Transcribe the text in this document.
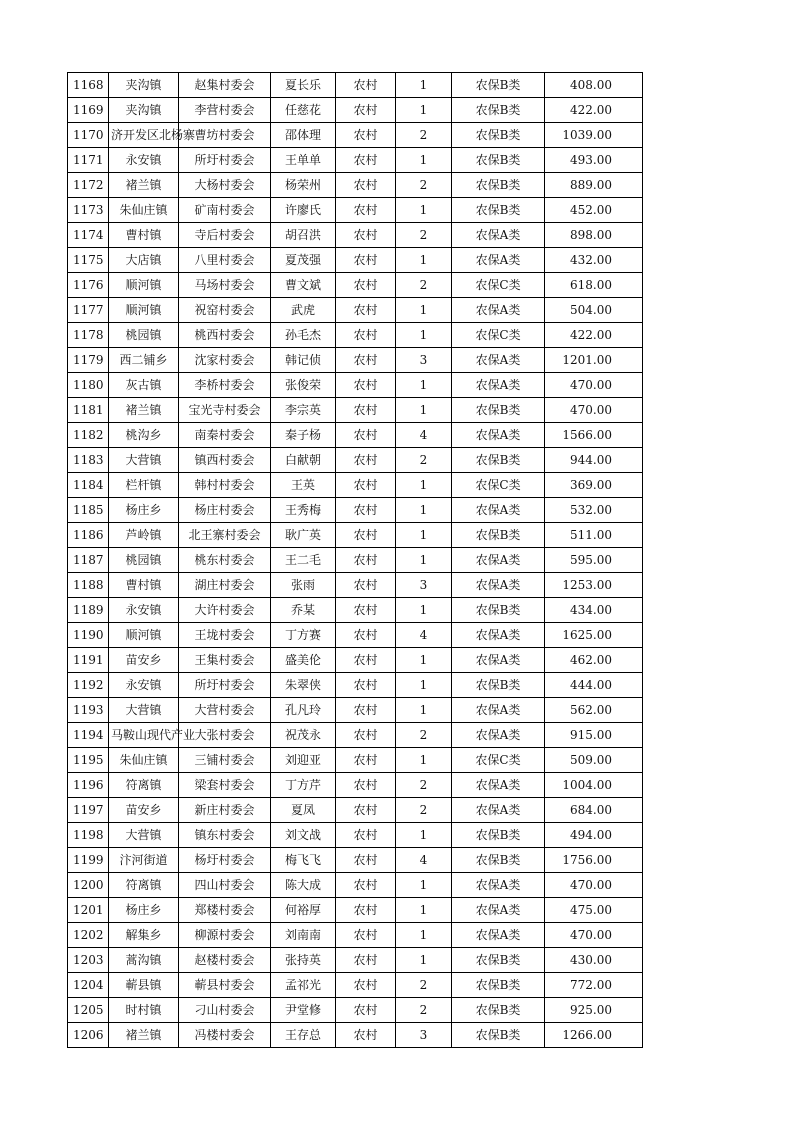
1168	夹沟镇	赵集村委会	夏长乐	农村	1	农保B类	408.00
1169	夹沟镇	李营村委会	任慈花	农村	1	农保B类	422.00
1170	济开发区北杨寨	曹坊村委会	邵体理	农村	2	农保B类	1039.00
1171	永安镇	所圩村委会	王单单	农村	1	农保B类	493.00
1172	褚兰镇	大杨村委会	杨荣州	农村	2	农保B类	889.00
1173	朱仙庄镇	矿南村委会	许廖氏	农村	1	农保B类	452.00
1174	曹村镇	寺后村委会	胡召洪	农村	2	农保A类	898.00
1175	大店镇	八里村委会	夏茂强	农村	1	农保A类	432.00
1176	顺河镇	马场村委会	曹文斌	农村	2	农保C类	618.00
1177	顺河镇	祝窑村委会	武虎	农村	1	农保A类	504.00
1178	桃园镇	桃西村委会	孙毛杰	农村	1	农保C类	422.00
1179	西二铺乡	沈家村委会	韩记侦	农村	3	农保A类	1201.00
1180	灰古镇	李桥村委会	张俊荣	农村	1	农保A类	470.00
1181	褚兰镇	宝光寺村委会	李宗英	农村	1	农保B类	470.00
1182	桃沟乡	南秦村委会	秦子杨	农村	4	农保A类	1566.00
1183	大营镇	镇西村委会	白献朝	农村	2	农保B类	944.00
1184	栏杆镇	韩村村委会	王英	农村	1	农保C类	369.00
1185	杨庄乡	杨庄村委会	王秀梅	农村	1	农保A类	532.00
1186	芦岭镇	北王寨村委会	耿广英	农村	1	农保B类	511.00
1187	桃园镇	桃东村委会	王二毛	农村	1	农保A类	595.00
1188	曹村镇	湖庄村委会	张雨	农村	3	农保A类	1253.00
1189	永安镇	大许村委会	乔某	农村	1	农保B类	434.00
1190	顺河镇	王垅村委会	丁方赛	农村	4	农保A类	1625.00
1191	苗安乡	王集村委会	盛美伦	农村	1	农保A类	462.00
1192	永安镇	所圩村委会	朱翠侠	农村	1	农保B类	444.00
1193	大营镇	大营村委会	孔凡玲	农村	1	农保A类	562.00
1194	马鞍山现代产业	大张村委会	祝茂永	农村	2	农保A类	915.00
1195	朱仙庄镇	三铺村委会	刘迎亚	农村	1	农保C类	509.00
1196	符离镇	梁套村委会	丁方芹	农村	2	农保A类	1004.00
1197	苗安乡	新庄村委会	夏凤	农村	2	农保A类	684.00
1198	大营镇	镇东村委会	刘文战	农村	1	农保B类	494.00
1199	汴河街道	杨圩村委会	梅飞飞	农村	4	农保B类	1756.00
1200	符离镇	四山村委会	陈大成	农村	1	农保A类	470.00
1201	杨庄乡	郑楼村委会	何裕厚	农村	1	农保A类	475.00
1202	解集乡	柳源村委会	刘南南	农村	1	农保A类	470.00
1203	蒿沟镇	赵楼村委会	张持英	农村	1	农保B类	430.00
1204	蕲县镇	蕲县村委会	孟祁光	农村	2	农保B类	772.00
1205	时村镇	刁山村委会	尹堂修	农村	2	农保B类	925.00
1206	褚兰镇	冯楼村委会	王存总	农村	3	农保B类	1266.00
